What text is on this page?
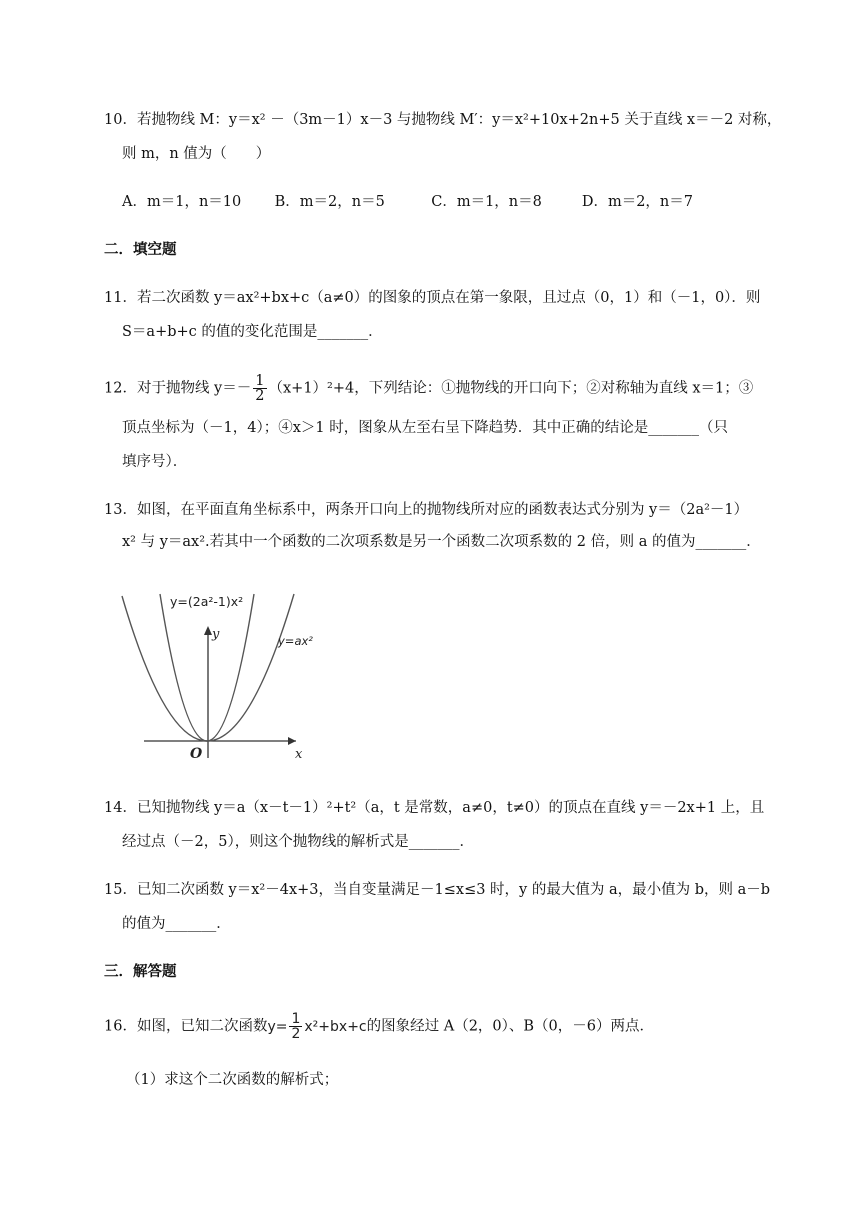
10．若抛物线 M：y＝x² －（3m－1）x－3 与抛物线 M′：y＝x²+10x+2n+5 关于直线 x＝－2 对称，
则 m，n 值为（　　）
A．m＝1，n＝10 B．m＝2，n＝5	C．m＝1，n＝8	D．m＝2，n＝7
二．填空题
11．若二次函数 y＝ax²+bx+c（a≠0）的图象的顶点在第一象限，且过点（0，1）和（－1，0）．则
S＝a+b+c 的值的变化范围是_______．
12．对于抛物线 $y=- \frac{1}{2} (x+1)^2+4$，下列结论：①抛物线的开口向下；②对称轴为直线 x＝1；③
顶点坐标为（－1，4）；④x＞1 时，图象从左至右呈下降趋势．其中正确的结论是_______（只
填序号）．
13．如图，在平面直角坐标系中，两条开口向上的抛物线所对应的函数表达式分别为 y＝（2a²－1）
x² 与 y＝ax².若其中一个函数的二次项系数是另一个函数二次项系数的 2 倍，则 a 的值为_______．
y=(2a²-1)x²
y=ax²
y
x
O
14．已知抛物线 y＝a（x－t－1）²+t²（a，t 是常数，a≠0，t≠0）的顶点在直线 y＝－2x+1 上，且
经过点（－2，5），则这个抛物线的解析式是_______．
15．已知二次函数 y＝x²－4x+3，当自变量满足－1≤x≤3 时，y 的最大值为 a，最小值为 b，则 a－b
的值为_______．
三．解答题
16．如图，已知二次函数$y= \frac{1}{2} x^2+bx+c$的图象经过 A（2，0）、B（0，－6）两点．
（1）求这个二次函数的解析式；
